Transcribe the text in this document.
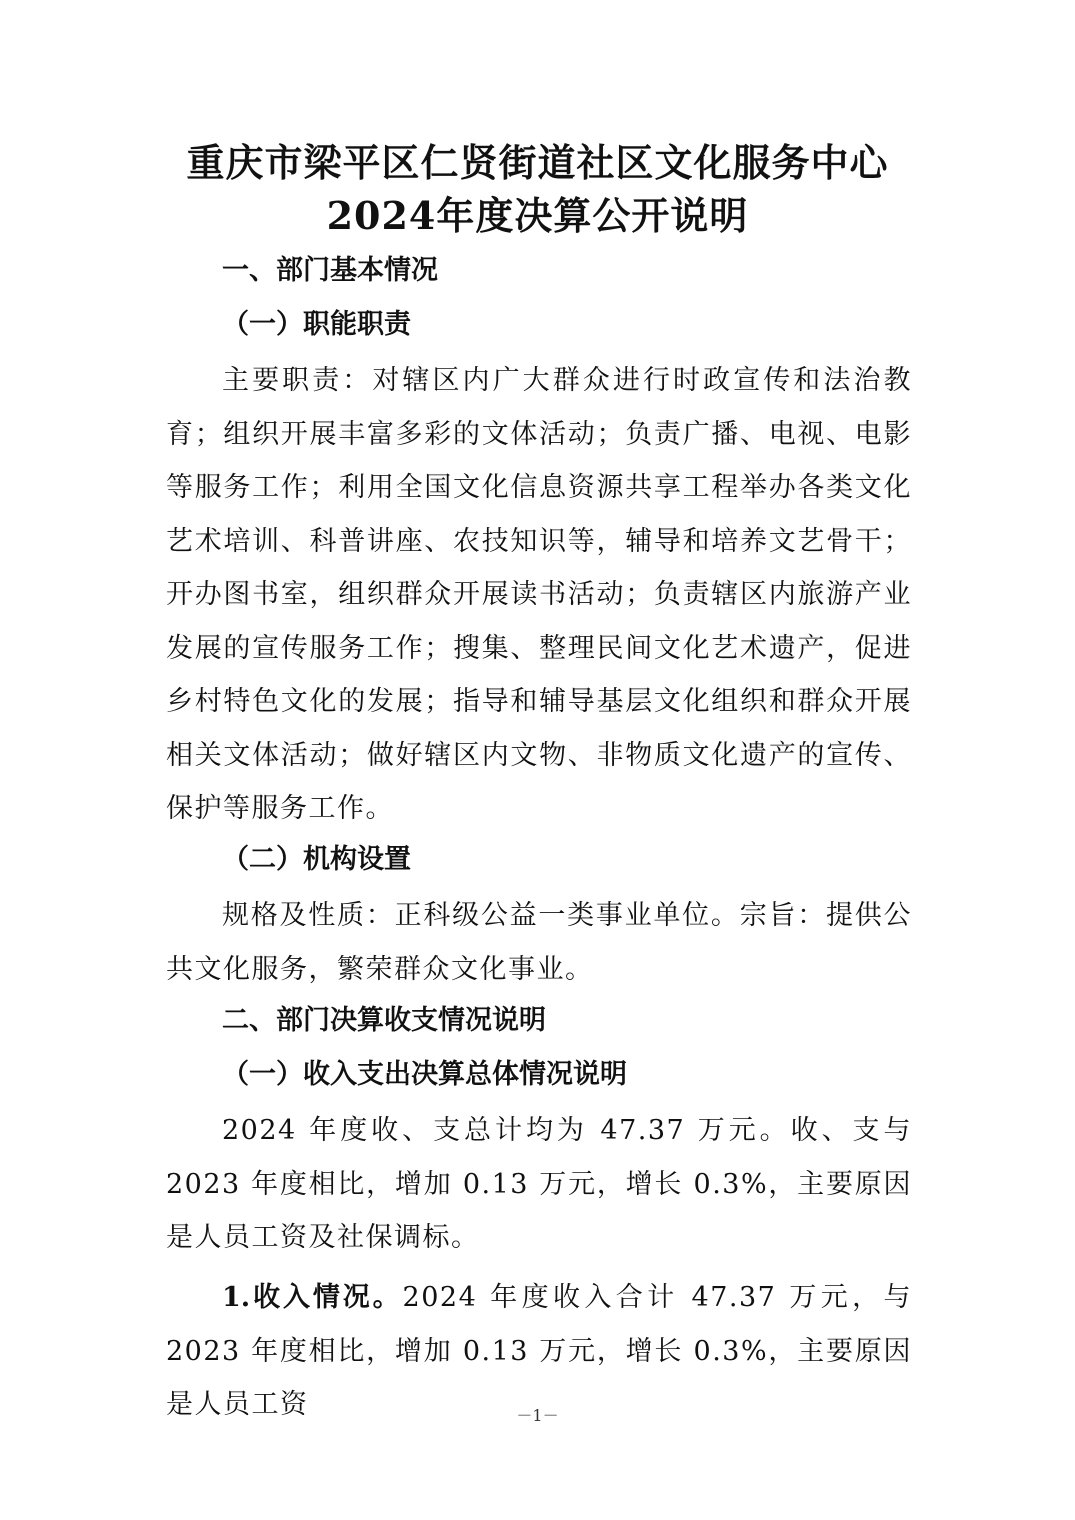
重庆市梁平区仁贤街道社区文化服务中心
2024年度决算公开说明
一、部门基本情况
（一）职能职责
主要职责：对辖区内广大群众进行时政宣传和法治教育；组织开展丰富多彩的文体活动；负责广播、电视、电影等服务工作；利用全国文化信息资源共享工程举办各类文化艺术培训、科普讲座、农技知识等，辅导和培养文艺骨干；开办图书室，组织群众开展读书活动；负责辖区内旅游产业发展的宣传服务工作；搜集、整理民间文化艺术遗产，促进乡村特色文化的发展；指导和辅导基层文化组织和群众开展相关文体活动；做好辖区内文物、非物质文化遗产的宣传、保护等服务工作。
（二）机构设置
规格及性质：正科级公益一类事业单位。宗旨：提供公共文化服务，繁荣群众文化事业。
二、部门决算收支情况说明
（一）收入支出决算总体情况说明
2024 年度收、支总计均为 47.37 万元。收、支与 2023 年度相比，增加 0.13 万元，增长 0.3%，主要原因是人员工资及社保调标。
1.收入情况。2024 年度收入合计 47.37 万元，与 2023 年度相比，增加 0.13 万元，增长 0.3%，主要原因是人员工资	－1－
